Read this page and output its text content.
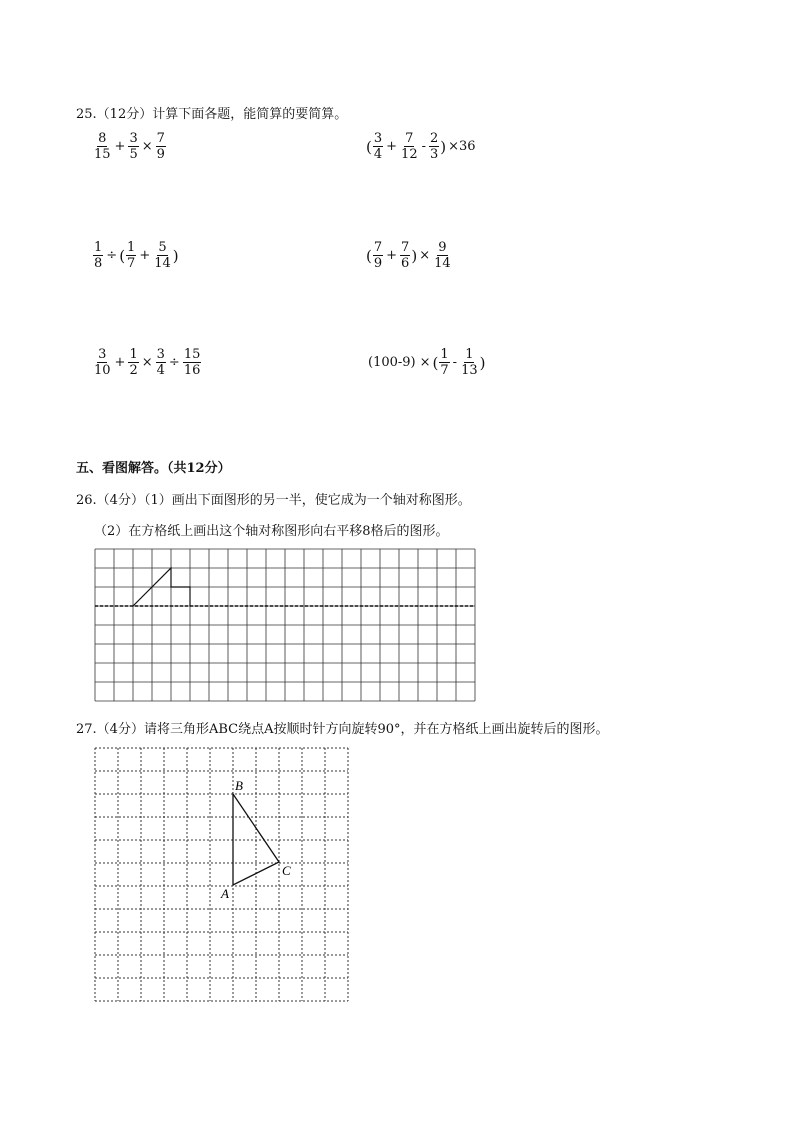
25.（12分）计算下面各题，能简算的要简算。
$\frac{8}{15} + \frac{3}{5} \times \frac{7}{9}$	( $\frac{3}{4} + \frac{7}{12} - \frac{2}{3}$ ) ×36
$\frac{1}{8}$ ÷ ( $\frac{1}{7} + \frac{5}{14}$ )	( $\frac{7}{9} + \frac{7}{6}$ ) × $\frac{9}{14}$
$\frac{3}{10} + \frac{1}{2} \times \frac{3}{4} \div \frac{15}{16}$	(100-9) × ( $\frac{1}{7} - \frac{1}{13}$ )
五、看图解答。（共12分）
26.（4分）（1）画出下面图形的另一半，使它成为一个轴对称图形。
（2）在方格纸上画出这个轴对称图形向右平移8格后的图形。
B
C
A
27.（4分）请将三角形ABC绕点A按顺时针方向旋转90°，并在方格纸上画出旋转后的图形。
